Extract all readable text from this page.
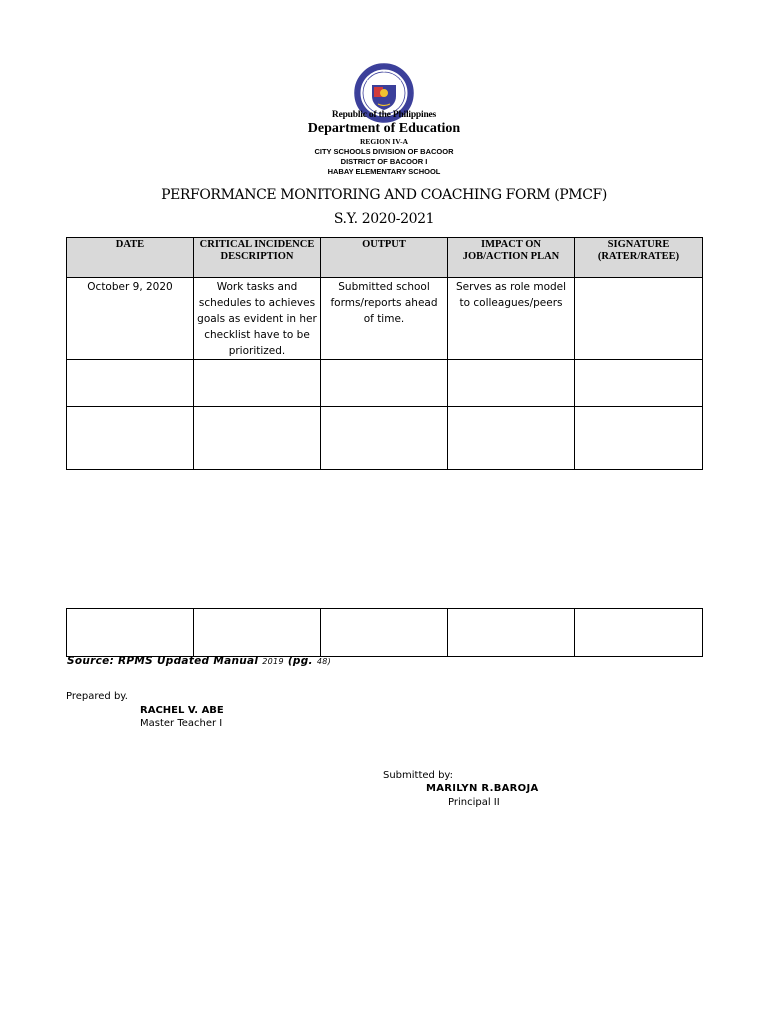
Republic of the Philippines
Department of Education
REGION IV-A
CITY SCHOOLS DIVISION OF BACOOR
DISTRICT OF BACOOR I
HABAY ELEMENTARY SCHOOL
PERFORMANCE MONITORING AND COACHING FORM (PMCF)
S.Y. 2020-2021
DATE	CRITICAL INCIDENCE DESCRIPTION	OUTPUT	IMPACT ON JOB/ACTION PLAN	SIGNATURE (RATER/RATEE)
October 9, 2020	Work tasks and schedules to achieves goals as evident in her checklist have to be prioritized.	Submitted school forms/reports ahead of time.	Serves as role model to colleagues/peers	

Source: RPMS Updated Manual 2019 (pg. 48)
Prepared by.
RACHEL V. ABE
Master Teacher I
Submitted by:
MARILYN R.BAROJA
Principal II
